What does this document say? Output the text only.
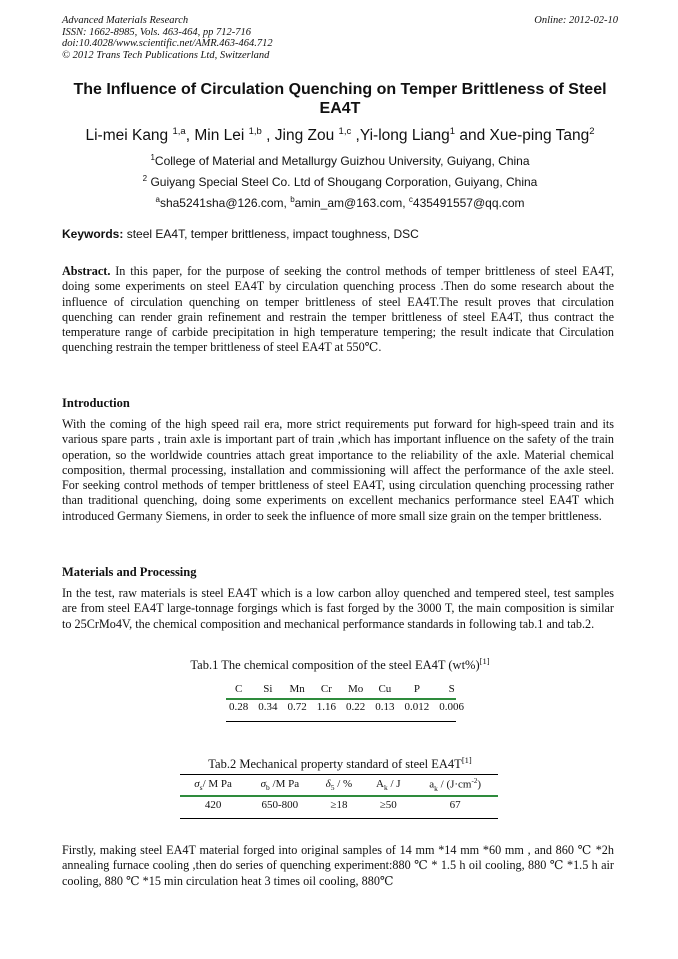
Advanced Materials Research
ISSN: 1662-8985, Vols. 463-464, pp 712-716
doi:10.4028/www.scientific.net/AMR.463-464.712
© 2012 Trans Tech Publications Ltd, Switzerland
Online: 2012-02-10
The Influence of Circulation Quenching on Temper Brittleness of Steel EA4T
Li-mei Kang $^{1,a}$, Min Lei $^{1,b}$ , Jing Zou $^{1,c}$ ,Yi-long Liang$^1$ and Xue-ping Tang$^2$
$^1$College of Material and Metallurgy Guizhou University, Guiyang, China
$^2$ Guiyang Special Steel Co. Ltd of Shougang Corporation, Guiyang, China
$^a$sha5241sha@126.com, $^b$amin_am@163.com, $^c$435491557@qq.com
Keywords: steel EA4T, temper brittleness, impact toughness, DSC
Abstract. In this paper, for the purpose of seeking the control methods of temper brittleness of steel EA4T, doing some experiments on steel EA4T by circulation quenching process .Then do some research about the influence of circulation quenching on temper brittleness of steel EA4T.The result proves that circulation quenching can render grain refinement and restrain the temper brittleness of steel EA4T, thus contract the temperature range of carbide precipitation in high temperature tempering; the result indicate that Circulation quenching restrain the temper brittleness of steel EA4T at 550℃.
Introduction
With the coming of the high speed rail era, more strict requirements put forward for high-speed train and its various spare parts , train axle is important part of train ,which has important influence on the safety of the train operation, so the worldwide countries attach great importance to the reliability of the axle. Material chemical composition, thermal processing, installation and commissioning will affect the performance of the axle steel. For seeking control methods of temper brittleness of steel EA4T, using circulation quenching processing rather than traditional quenching, doing some experiments on excellent mechanics performance steel EA4T which introduced Germany Siemens, in order to seek the influence of more small size grain on the temper brittleness.
Materials and Processing
In the test, raw materials is steel EA4T which is a low carbon alloy quenched and tempered steel, test samples are from steel EA4T large-tonnage forgings which is fast forged by the 3000 T, the main composition is similar to 25CrMo4V, the chemical composition and mechanical performance standards in following tab.1 and tab.2.
Tab.1 The chemical composition of the steel EA4T (wt%)[1]
C	Si	Mn	Cr	Mo	Cu	P	S
0.28	0.34	0.72	1.16	0.22	0.13	0.012	0.006
Tab.2 Mechanical property standard of steel EA4T[1]
$\sigma_s/$ M Pa	$\sigma_b$ /M Pa	$\delta_5$ / %	$A_k$ / J	$a_k / (J\cdot cm^{-2})$
420	650-800	≥18	≥50	67
Firstly, making steel EA4T material forged into original samples of 14 mm *14 mm *60 mm , and 860 ℃ *2h annealing furnace cooling ,then do series of quenching experiment:880 ℃ * 1.5 h oil cooling, 880 ℃ *1.5 h air cooling, 880 ℃ *15 min circulation heat 3 times oil cooling, 880℃
